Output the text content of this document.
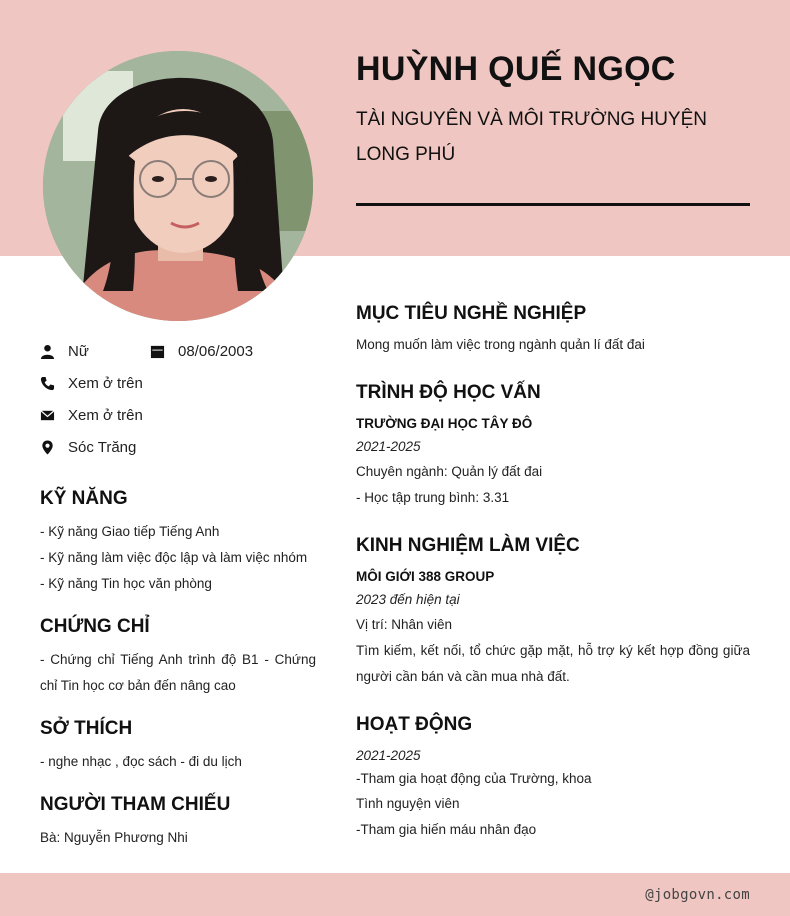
HUỲNH QUẾ NGỌC
TÀI NGUYÊN VÀ MÔI TRƯỜNG HUYỆN LONG PHÚ
Nữ	08/06/2003
Xem ở trên
Xem ở trên
Sóc Trăng
KỸ NĂNG
- Kỹ năng Giao tiếp Tiếng Anh
- Kỹ năng làm việc độc lập và làm việc nhóm
- Kỹ năng Tin học văn phòng
CHỨNG CHỈ
- Chứng chỉ Tiếng Anh trình độ B1 - Chứng chỉ Tin học cơ bản đến nâng cao
SỞ THÍCH
- nghe nhạc , đọc sách - đi du lịch
NGƯỜI THAM CHIẾU
Bà: Nguyễn Phương Nhi
MỤC TIÊU NGHỀ NGHIỆP
Mong muốn làm việc trong ngành quản lí đất đai
TRÌNH ĐỘ HỌC VẤN
TRƯỜNG ĐẠI HỌC TÂY ĐÔ
2021-2025
Chuyên ngành: Quản lý đất đai
- Học tập trung bình: 3.31
KINH NGHIỆM LÀM VIỆC
MÔI GIỚI 388 GROUP
2023 đến hiện tại
Vị trí: Nhân viên
Tìm kiếm, kết nối, tổ chức gặp mặt, hỗ trợ ký kết hợp đồng giữa người cần bán và cần mua nhà đất.
HOẠT ĐỘNG
2021-2025
-Tham gia hoạt động của Trường, khoa
Tình nguyện viên
-Tham gia hiến máu nhân đạo
@jobgovn.com
